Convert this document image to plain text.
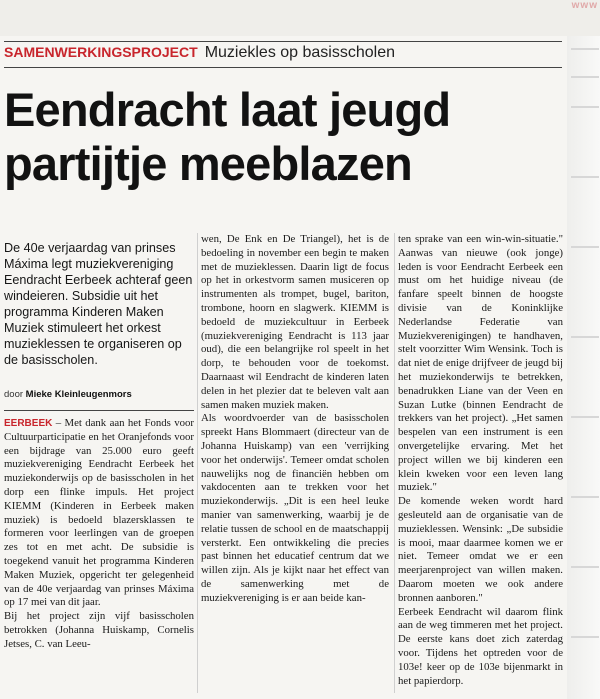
www
SAMENWERKINGSPROJECT Muziekles op basisscholen
Eendracht laat jeugd
partijtje meeblazen
De 40e verjaardag van prinses Máxima legt muziekvereniging Eendracht Eerbeek achteraf geen windeieren. Subsidie uit het programma Kinderen Maken Muziek stimuleert het orkest muzieklessen te organiseren op de basisscholen.
door Mieke Kleinleugenmors

EERBEEK – Met dank aan het Fonds voor Cultuurparticipatie en het Oranjefonds voor een bijdrage van 25.000 euro geeft muziekvereniging Eendracht Eerbeek het muziekonderwijs op de basisscholen in het dorp een flinke impuls. Het project KIEMM (Kinderen in Eerbeek maken muziek) is bedoeld blazersklassen te formeren voor leerlingen van de groepen zes tot en met acht. De subsidie is toegekend vanuit het programma Kinderen Maken Muziek, opgericht ter gelegenheid van de 40e verjaardag van prinses Máxima op 17 mei van dit jaar.

Bij het project zijn vijf basisscholen betrokken (Johanna Huiskamp, Cornelis Jetses, C. van Leeu-

wen, De Enk en De Triangel), het is de bedoeling in november een begin te maken met de muzieklessen. Daarin ligt de focus op het in orkestvorm samen musiceren op instrumenten als trompet, bugel, bariton, trombone, hoorn en slagwerk. KIEMM is bedoeld de muziekcultuur in Eerbeek (muziekvereniging Eendracht is 113 jaar oud), die een belangrijke rol speelt in het dorp, te behouden voor de toekomst. Daarnaast wil Eendracht de kinderen laten delen in het plezier dat te beleven valt aan samen maken muziek maken.

Als woordvoerder van de basisscholen spreekt Hans Blommaert (directeur van de Johanna Huiskamp) van een 'verrijking voor het onderwijs'. Temeer omdat scholen nauwelijks nog de financiën hebben om vakdocenten aan te trekken voor het muziekonderwijs. „Dit is een heel leuke manier van samenwerking, waarbij je de relatie tussen de school en de maatschappij versterkt. Een ontwikkeling die precies past binnen het educatief centrum dat we willen zijn. Als je kijkt naar het effect van de samenwerking met de muziekvereniging is er aan beide kan-

ten sprake van een win-win-situatie." Aanwas van nieuwe (ook jonge) leden is voor Eendracht Eerbeek een must om het huidige niveau (de fanfare speelt binnen de hoogste divisie van de Koninklijke Nederlandse Federatie van Muziekverenigingen) te handhaven, stelt voorzitter Wim Wensink. Toch is dat niet de enige drijfveer de jeugd bij het muziekonderwijs te betrekken, benadrukken Liane van der Veen en Suzan Lutke (binnen Eendracht de trekkers van het project). „Het samen bespelen van een instrument is een onvergetelijke ervaring. Met het project willen we bij kinderen een klein kweken voor een leven lang muziek."

De komende weken wordt hard gesleuteld aan de organisatie van de muzieklessen. Wensink: „De subsidie is mooi, maar daarmee komen we er niet. Temeer omdat we er een meerjarenproject van willen maken. Daarom moeten we ook andere bronnen aanboren."

Eerbeek Eendracht wil daarom flink aan de weg timmeren met het project. De eerste kans doet zich zaterdag voor. Tijdens het optreden voor de 103e! keer op de 103e bijenmarkt in het papierdorp.
